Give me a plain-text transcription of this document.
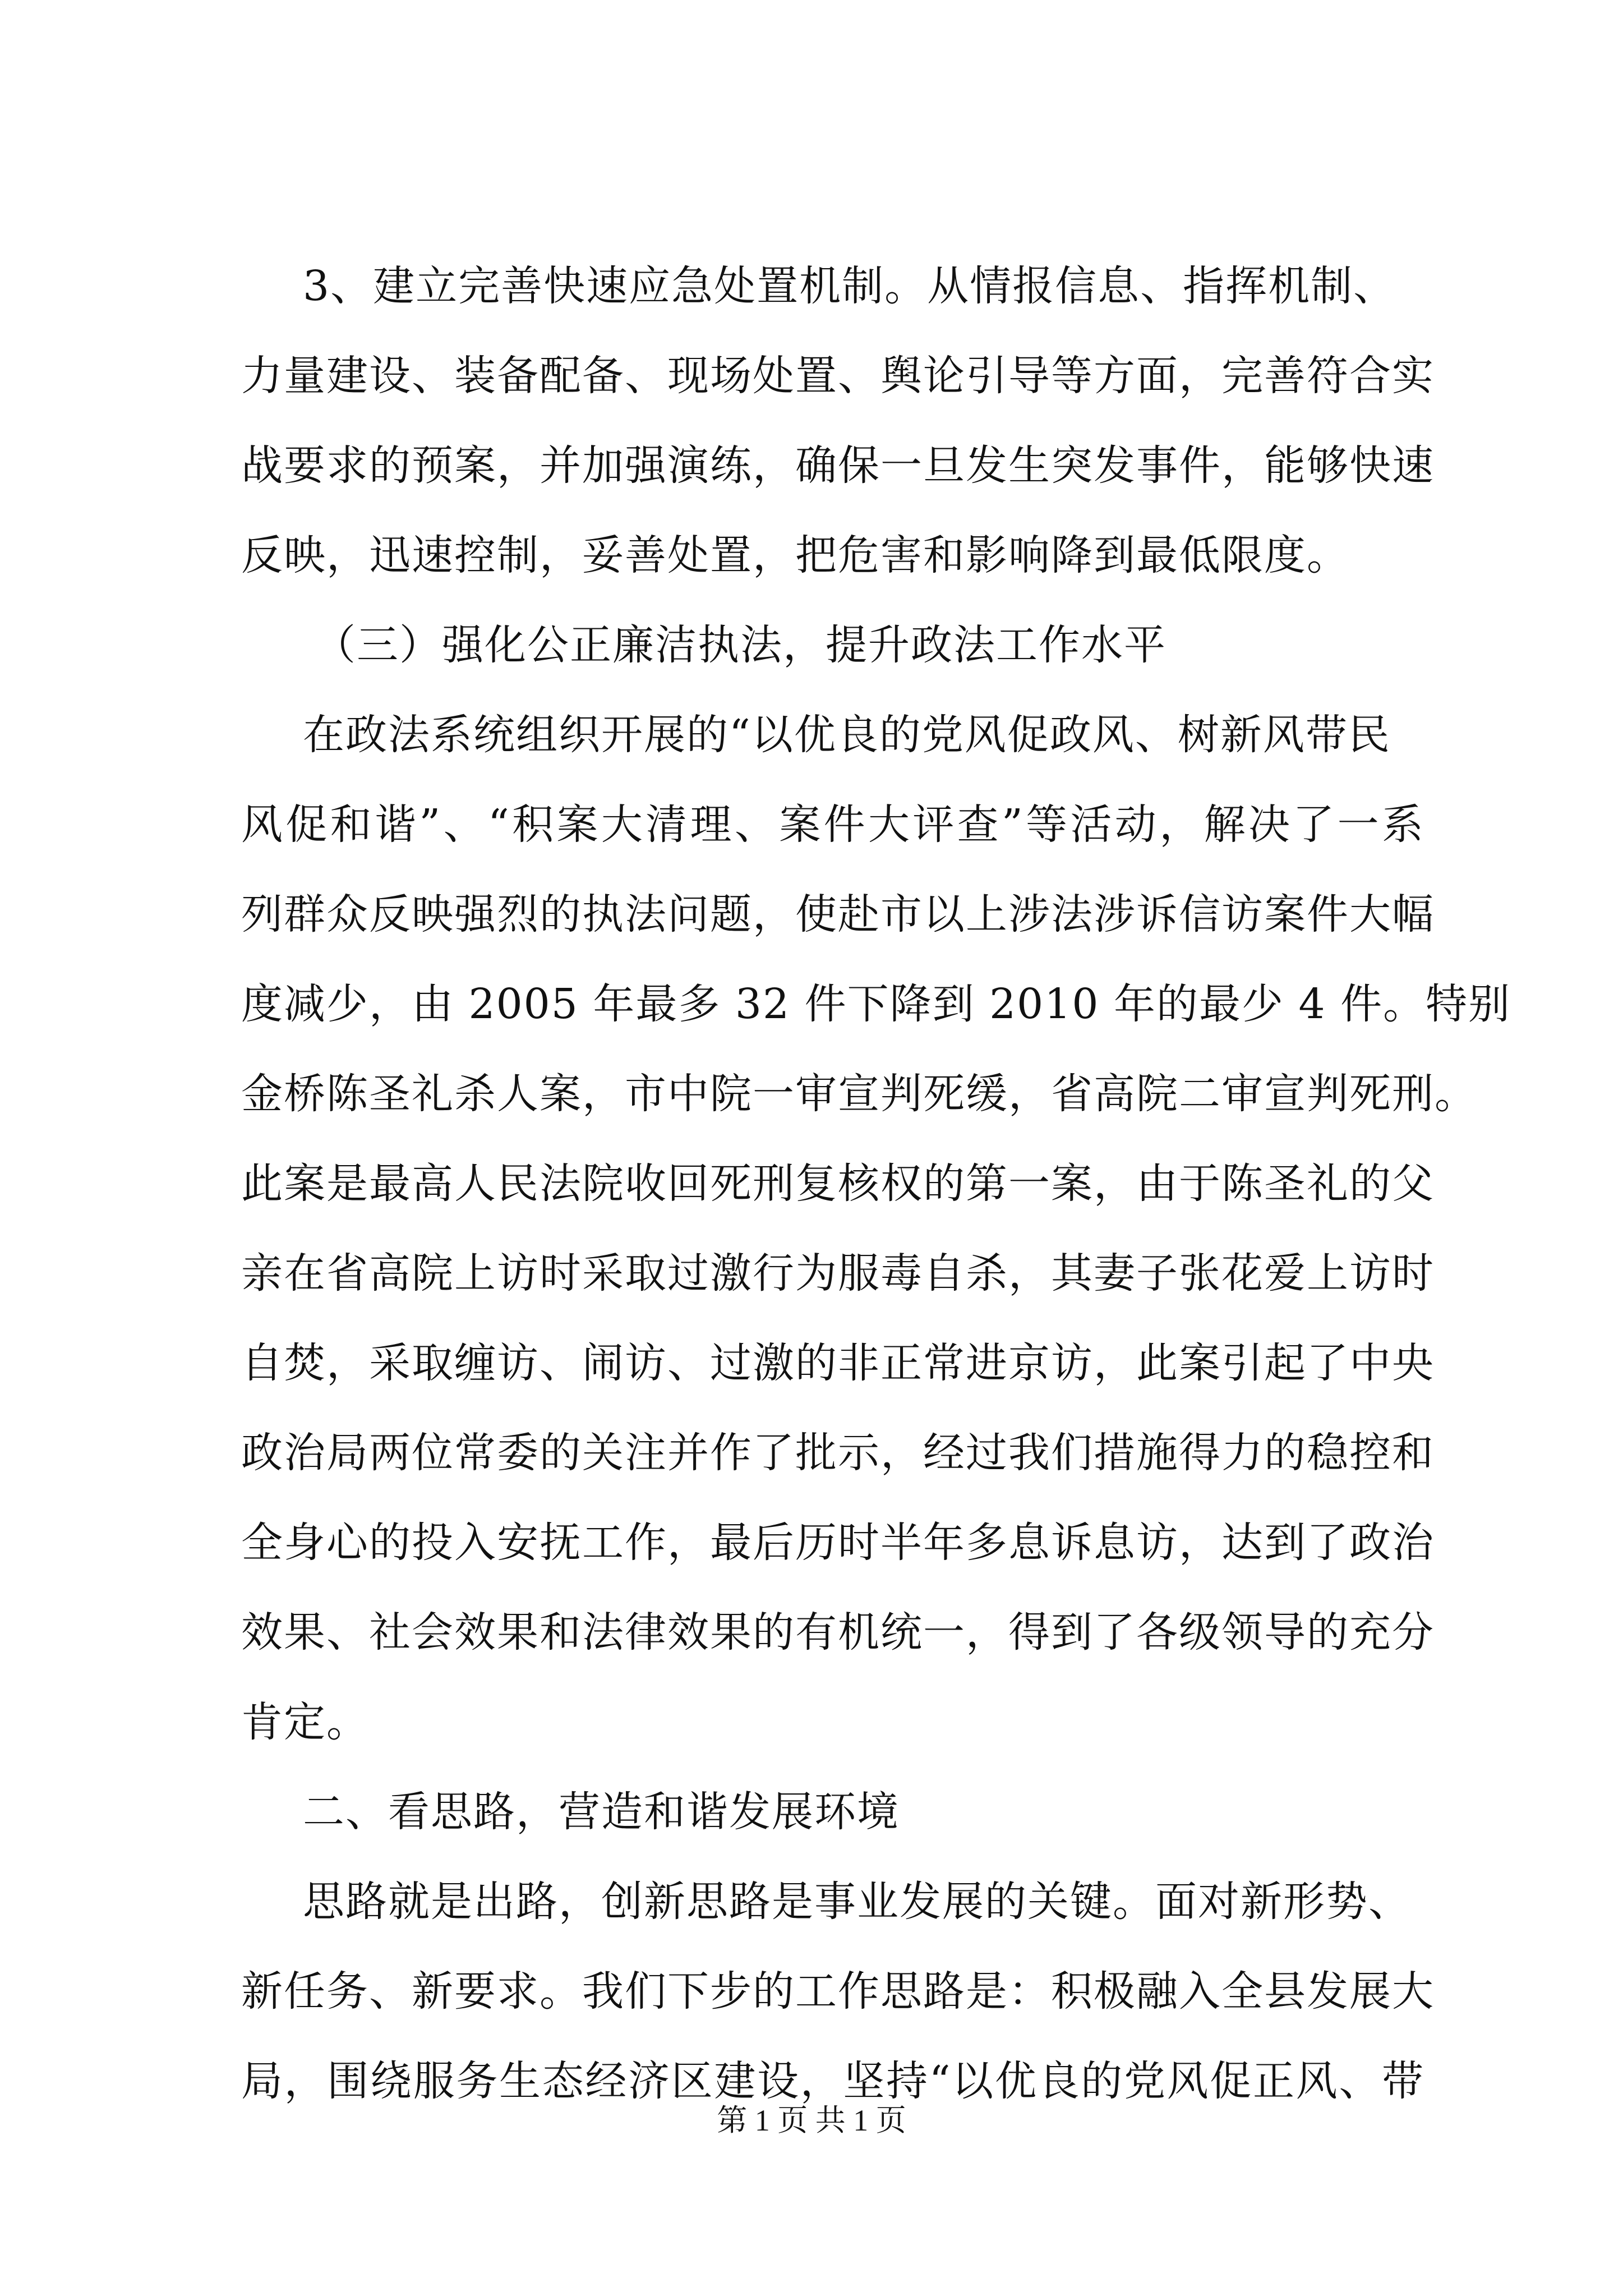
3、建立完善快速应急处置机制。从情报信息、指挥机制、
力量建设、装备配备、现场处置、舆论引导等方面，完善符合实
战要求的预案，并加强演练，确保一旦发生突发事件，能够快速
反映，迅速控制，妥善处置，把危害和影响降到最低限度。
（三）强化公正廉洁执法，提升政法工作水平
在政法系统组织开展的“以优良的党风促政风、树新风带民
风促和谐”、“积案大清理、案件大评查”等活动，解决了一系
列群众反映强烈的执法问题，使赴市以上涉法涉诉信访案件大幅
度减少，由 2005 年最多 32 件下降到 2010 年的最少 4 件。特别
金桥陈圣礼杀人案，市中院一审宣判死缓，省高院二审宣判死刑。
此案是最高人民法院收回死刑复核权的第一案，由于陈圣礼的父
亲在省高院上访时采取过激行为服毒自杀，其妻子张花爱上访时
自焚，采取缠访、闹访、过激的非正常进京访，此案引起了中央
政治局两位常委的关注并作了批示，经过我们措施得力的稳控和
全身心的投入安抚工作，最后历时半年多息诉息访，达到了政治
效果、社会效果和法律效果的有机统一，得到了各级领导的充分
肯定。
二、看思路，营造和谐发展环境
思路就是出路，创新思路是事业发展的关键。面对新形势、
新任务、新要求。我们下步的工作思路是：积极融入全县发展大
局，围绕服务生态经济区建设，坚持“以优良的党风促正风、带
第 1 页 共 1 页
